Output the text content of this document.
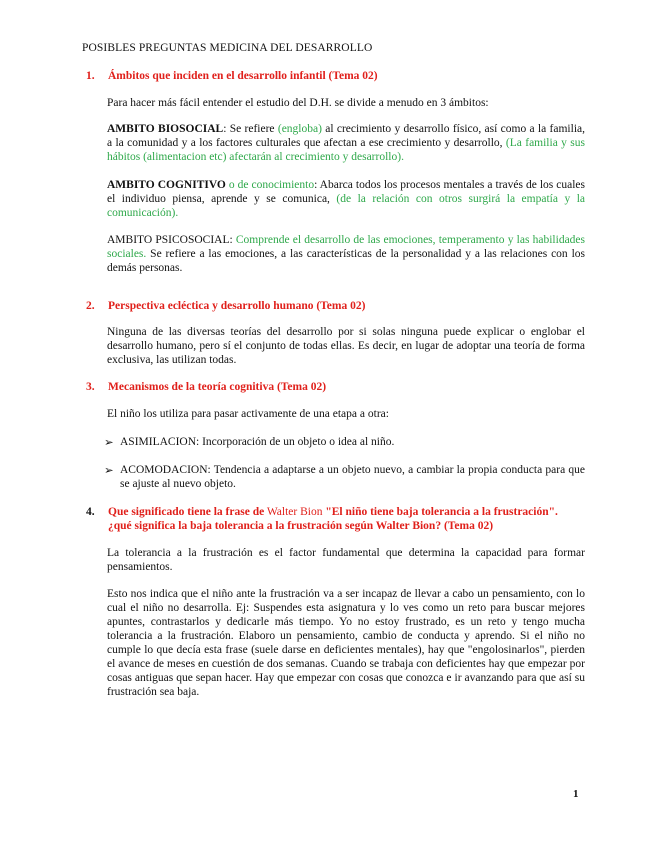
POSIBLES PREGUNTAS MEDICINA DEL DESARROLLO
1. Ámbitos que inciden en el desarrollo infantil (Tema 02)
Para hacer más fácil entender el estudio del D.H. se divide a menudo en 3 ámbitos:
AMBITO BIOSOCIAL: Se refiere (engloba) al crecimiento y desarrollo físico, así como a la familia, a la comunidad y a los factores culturales que afectan a ese crecimiento y desarrollo, (La familia y sus hábitos (alimentacion etc) afectarán al crecimiento y desarrollo).
AMBITO COGNITIVO o de conocimiento: Abarca todos los procesos mentales a través de los cuales el individuo piensa, aprende y se comunica, (de la relación con otros surgirá la empatía y la comunicación).
AMBITO PSICOSOCIAL: Comprende el desarrollo de las emociones, temperamento y las habilidades sociales. Se refiere a las emociones, a las características de la personalidad y a las relaciones con los demás personas.
2. Perspectiva ecléctica y desarrollo humano (Tema 02)
Ninguna de las diversas teorías del desarrollo por si solas ninguna puede explicar o englobar el desarrollo humano, pero sí el conjunto de todas ellas. Es decir, en lugar de adoptar una teoría de forma exclusiva, las utilizan todas.
3. Mecanismos de la teoría cognitiva (Tema 02)
El niño los utiliza para pasar activamente de una etapa a otra:
➢ ASIMILACION: Incorporación de un objeto o idea al niño.
➢ ACOMODACION: Tendencia a adaptarse a un objeto nuevo, a cambiar la propia conducta para que se ajuste al nuevo objeto.
4. Que significado tiene la frase de Walter Bion "El niño tiene baja tolerancia a la frustración".
¿qué significa la baja tolerancia a la frustración según Walter Bion? (Tema 02)
La tolerancia a la frustración es el factor fundamental que determina la capacidad para formar pensamientos.
Esto nos indica que el niño ante la frustración va a ser incapaz de llevar a cabo un pensamiento, con lo cual el niño no desarrolla. Ej: Suspendes esta asignatura y lo ves como un reto para buscar mejores apuntes, contrastarlos y dedicarle más tiempo. Yo no estoy frustrado, es un reto y tengo mucha tolerancia a la frustración. Elaboro un pensamiento, cambio de conducta y aprendo. Si el niño no cumple lo que decía esta frase (suele darse en deficientes mentales), hay que "engolosinarlos", pierden el avance de meses en cuestión de dos semanas. Cuando se trabaja con deficientes hay que empezar por cosas antiguas que sepan hacer. Hay que empezar con cosas que conozca e ir avanzando para que así su frustración sea baja.
1
